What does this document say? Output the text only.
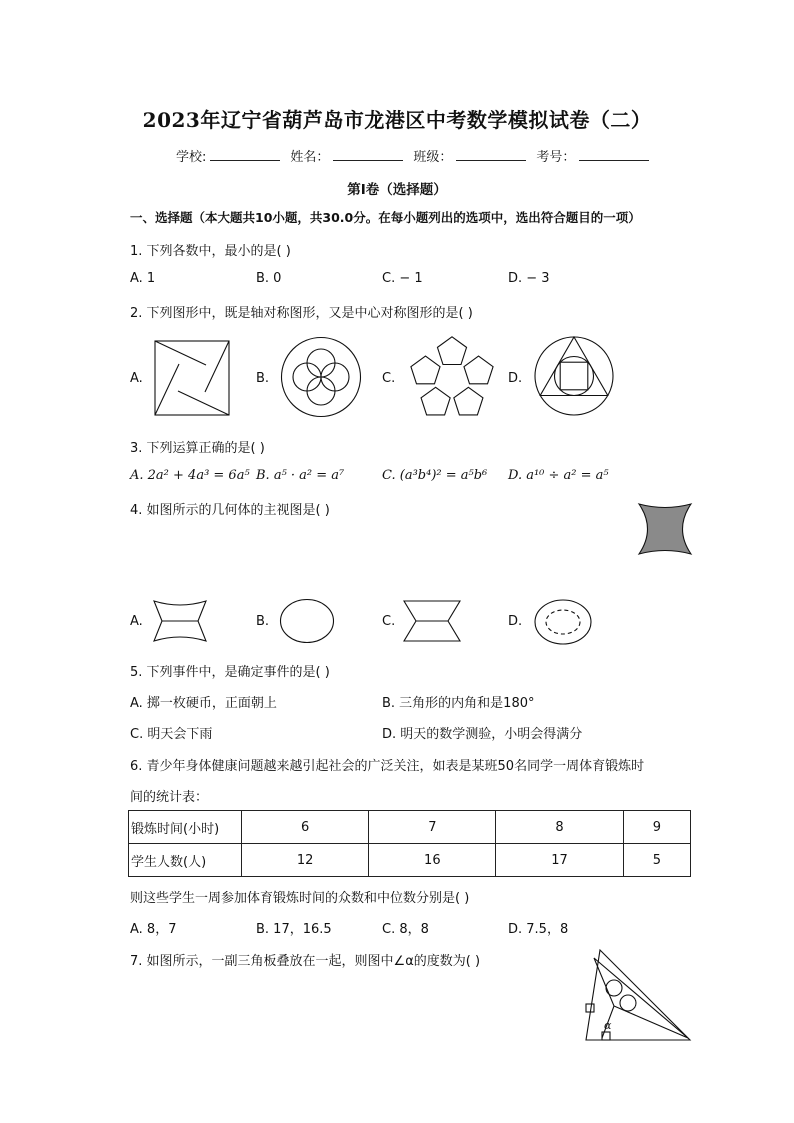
2023年辽宁省葫芦岛市龙港区中考数学模拟试卷（二）
学校:	姓名：	班级：	考号：
第I卷（选择题）
一、选择题（本大题共10小题，共30.0分。在每小题列出的选项中，选出符合题目的一项）
1. 下列各数中，最小的是( )
A. 1	B. 0	C. − 1	D. − 3
2. 下列图形中，既是轴对称图形，又是中心对称图形的是( )
A.	B.	C.	D.
3. 下列运算正确的是( )
A. 2a² + 4a³ = 6a⁵ B. a⁵ · a² = a⁷	C. (a³b⁴)² = a⁵b⁶ D. a¹⁰ ÷ a² = a⁵
4. 如图所示的几何体的主视图是( )
A.	B.	C.	D.
5. 下列事件中，是确定事件的是( )
A. 掷一枚硬币，正面朝上	B. 三角形的内角和是180°
C. 明天会下雨	D. 明天的数学测验，小明会得满分
6. 青少年身体健康问题越来越引起社会的广泛关注，如表是某班50名同学一周体育锻炼时
间的统计表：
锻炼时间(小时)	6	7	8	9
学生人数(人)	12	16	17	5
则这些学生一周参加体育锻炼时间的众数和中位数分别是( )
A. 8，7	B. 17，16.5	C. 8，8	D. 7.5，8
7. 如图所示，一副三角板叠放在一起，则图中∠α的度数为( )
α
